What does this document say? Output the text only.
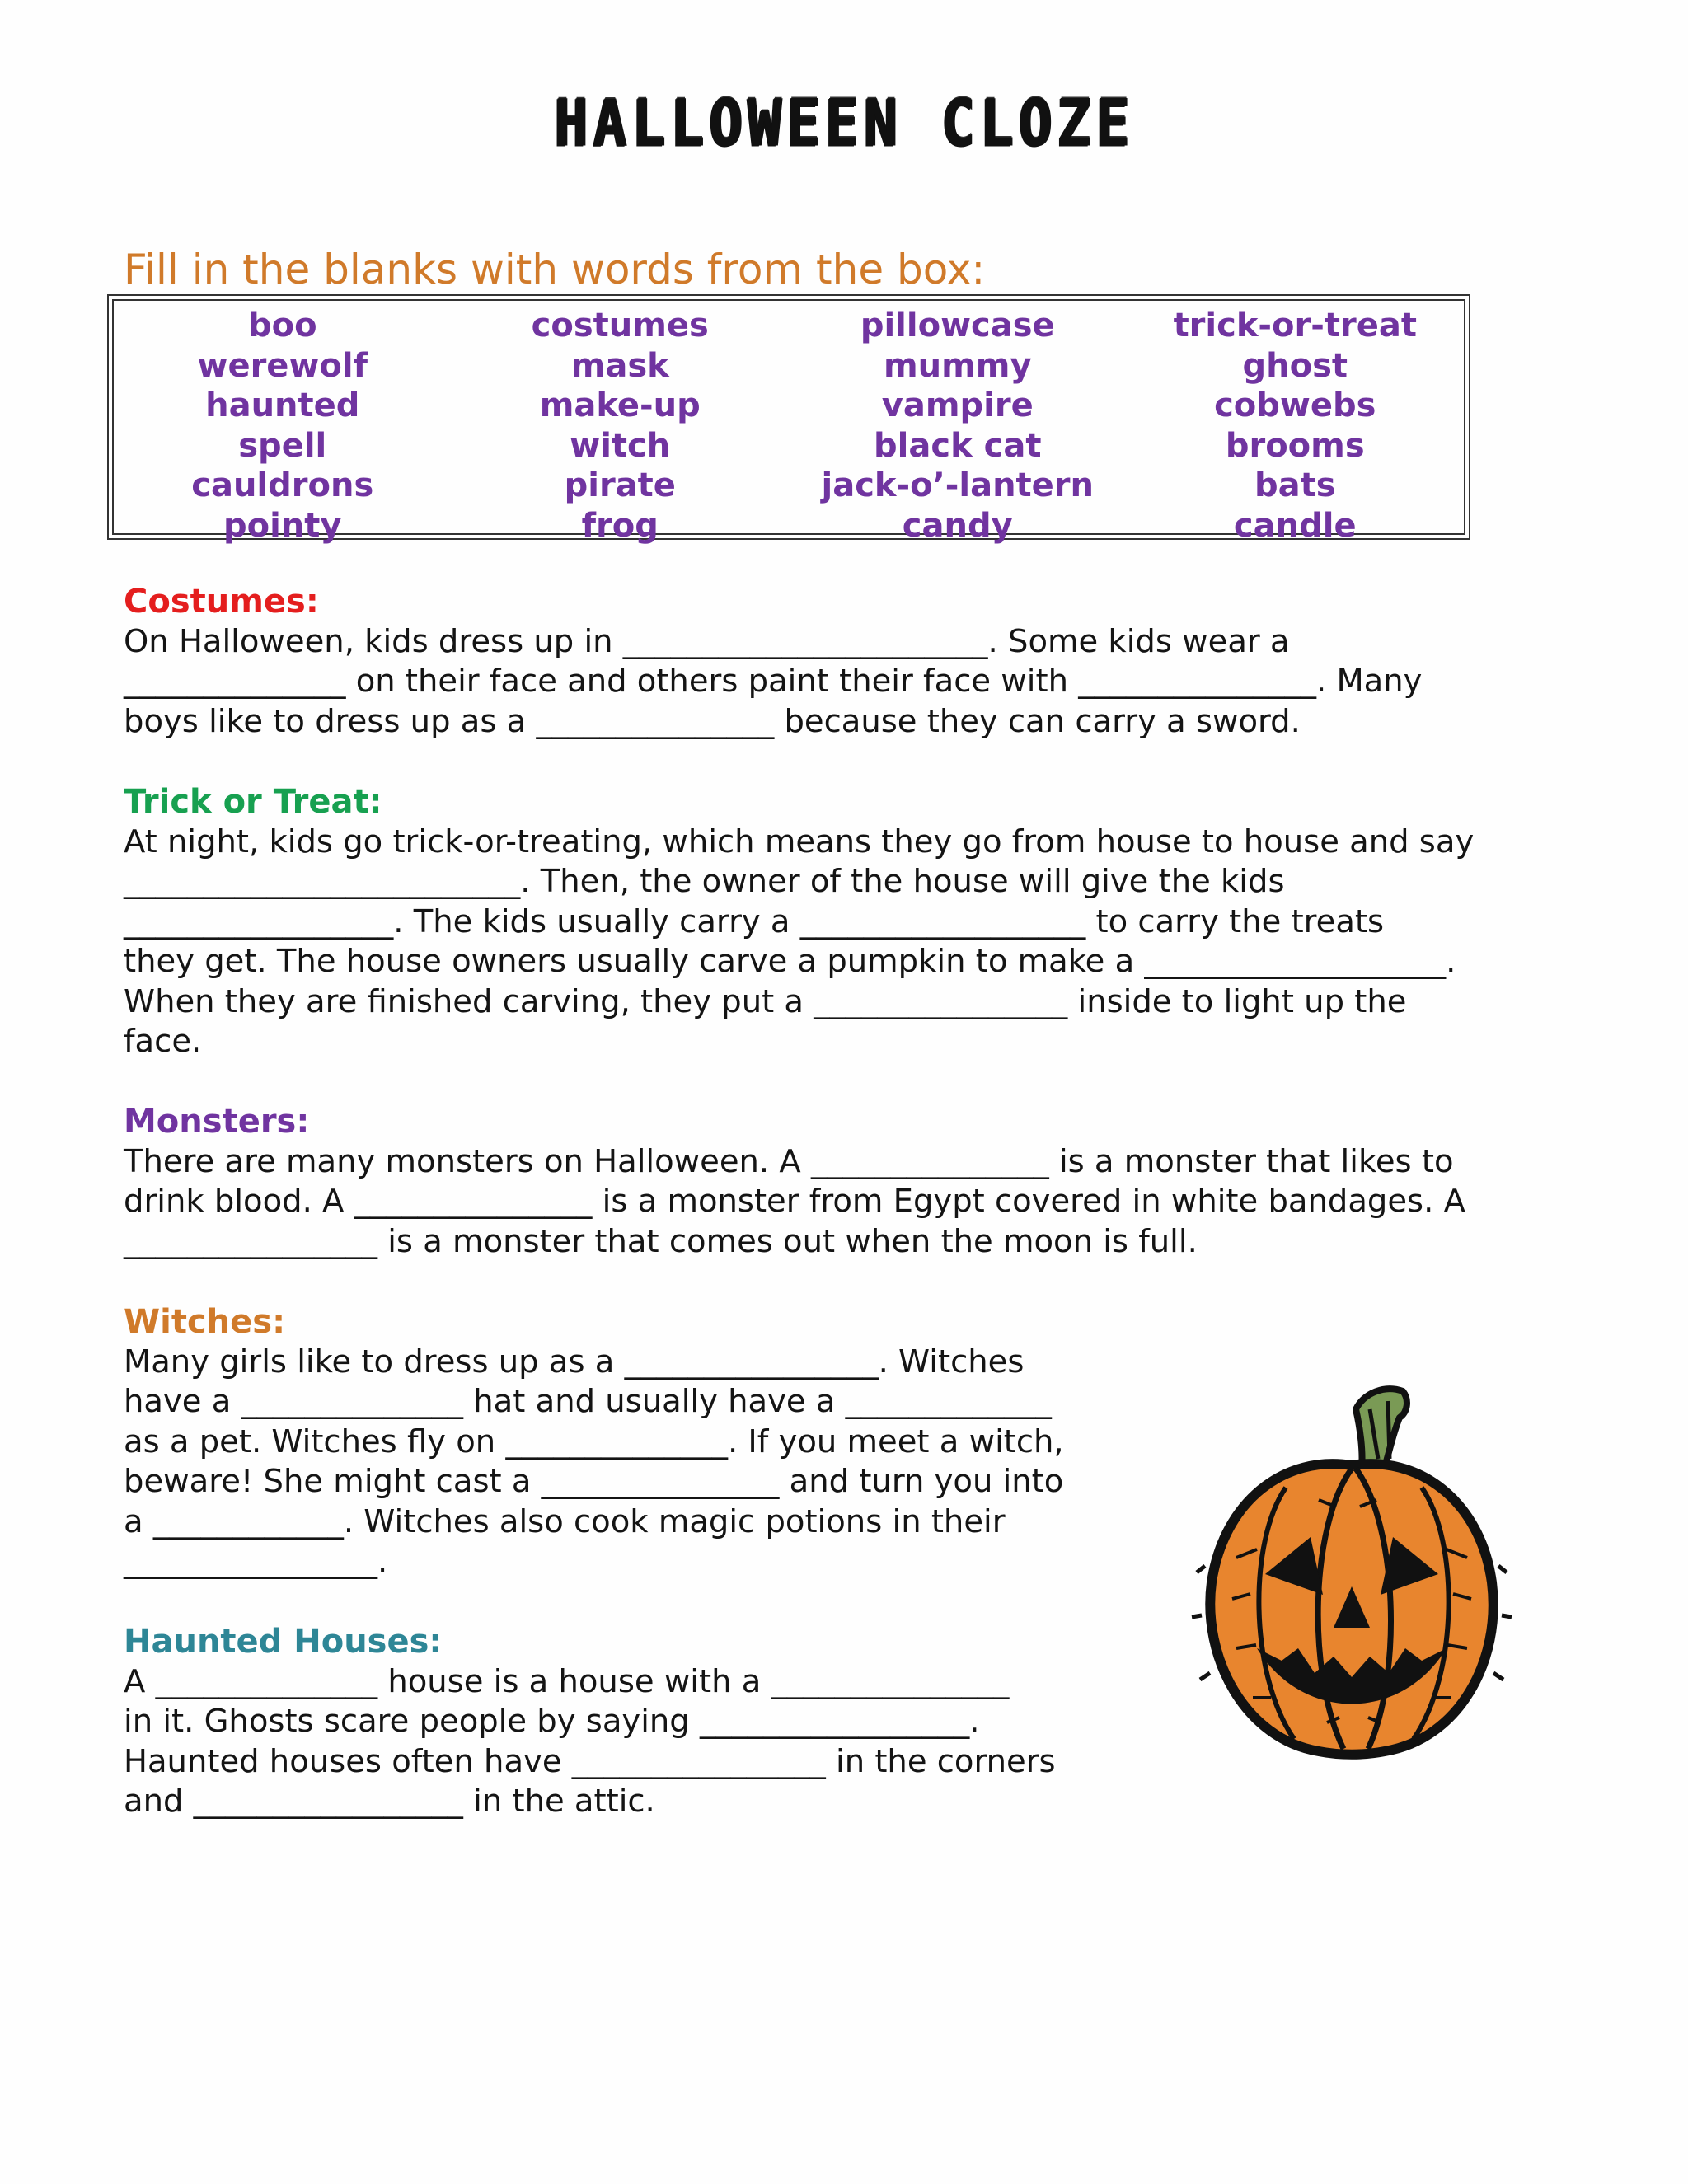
HALLOWEEN CLOZE
Fill in the blanks with words from the box:
boo
werewolf
haunted
spell
cauldrons
pointy
costumes
mask
make-up
witch
pirate
frog
pillowcase
mummy
vampire
black cat
jack-o’-lantern
candy
trick-or-treat
ghost
cobwebs
brooms
bats
candle
Costumes:
On Halloween, kids dress up in _______________________. Some kids wear a
______________ on their face and others paint their face with _______________. Many
boys like to dress up as a _______________ because they can carry a sword.
Trick or Treat:
At night, kids go trick-or-treating, which means they go from house to house and say
_________________________. Then, the owner of the house will give the kids
_________________. The kids usually carry a __________________ to carry the treats
they get. The house owners usually carve a pumpkin to make a ___________________.
When they are finished carving, they put a ________________ inside to light up the
face.
Monsters:
There are many monsters on Halloween. A _______________ is a monster that likes to
drink blood. A _______________ is a monster from Egypt covered in white bandages. A
________________ is a monster that comes out when the moon is full.
Witches:
Many girls like to dress up as a ________________. Witches
have a ______________ hat and usually have a _____________
as a pet. Witches fly on ______________. If you meet a witch,
beware! She might cast a _______________ and turn you into
a ____________. Witches also cook magic potions in their
________________.
Haunted Houses:
A ______________ house is a house with a _______________
in it. Ghosts scare people by saying _________________.
Haunted houses often have ________________ in the corners
and _________________ in the attic.
